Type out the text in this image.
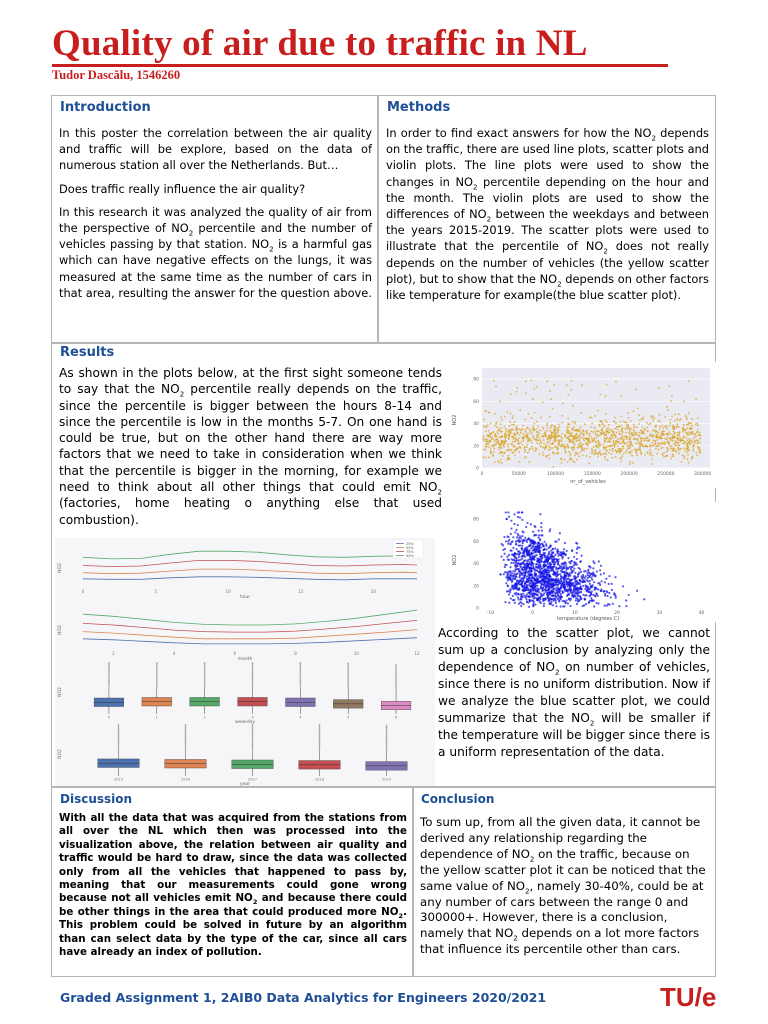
Quality of air due to traffic in NL
Tudor Dascălu, 1546260
Introduction

In this poster the correlation between the air quality and traffic will be explore, based on the data of numerous station all over the Netherlands. But…

Does traffic really influence the air quality?

In this research it was analyzed the quality of air from the perspective of $NO_2$ percentile and the number of vehicles passing by that station. $NO_2$ is a harmful gas which can have negative effects on the lungs, it was measured at the same time as the number of cars in that area, resulting the answer for the question above.

Methods

In order to find exact answers for how the $NO_2$ depends on the traffic, there are used line plots, scatter plots and violin plots. The line plots were used to show the changes in $NO_2$ percentile depending on the hour and the month. The violin plots are used to show the differences of $NO_2$ between the weekdays and between the years 2015-2019. The scatter plots were used to illustrate that the percentile of $NO_2$ does not really depends on the number of vehicles (the yellow scatter plot), but to show that the $NO_2$ depends on other factors like temperature for example(the blue scatter plot).

Results

As shown in the plots below, at the first sight someone tends to say that the $NO_2$ percentile really depends on the traffic, since the percentile is bigger between the hours 8-14 and since the percentile is low in the months 5-7. On one hand is could be true, but on the other hand there are way more factors that we need to take in consideration when we think that the percentile is bigger in the morning, for example we need to think about all other things that could emit $NO_2$ (factories, home heating o anything else that used combustion).

According to the scatter plot, we cannot sum up a conclusion by analyzing only the dependence of $NO_2$ on number of vehicles, since there is no uniform distribution. Now if we analyze the blue scatter plot, we could summarize that the $NO_2$ will be smaller if the temperature will be bigger since there is a uniform representation of the data.

0
20
40
60
80
0	50000	100000	150000	200000	250000	300000
nr_of_vehicles
NO2
0
20
40
60
80
-10	0	10	20	30	40
temperature (degrees C)
NO2
25%
50%
75%
90%
0	5	10	15	20
hour
NO2
2	4	6	8	10	12
month
NO2
0	1	2	3	4	5	6
weekday
NO2
2015	2016	2017	2018	2019
year
NO2
Discussion

With all the data that was acquired from the stations from all over the NL which then was processed into the visualization above, the relation between air quality and traffic would be hard to draw, since the data was collected only from all the vehicles that happened to pass by, meaning that our measurements could gone wrong because not all vehicles emit $NO_2$ and because there could be other things in the area that could produced more $NO_2$. This problem could be solved in future by an algorithm than can select data by the type of the car, since all cars have already an index of pollution.

Conclusion

To sum up, from all the given data, it cannot be derived any relationship regarding the dependence of $NO_2$ on the traffic, because on the yellow scatter plot it can be noticed that the same value of $NO_2$, namely 30-40%, could be at any number of cars between the range 0 and 300000+. However, there is a conclusion, namely that $NO_2$ depends on a lot more factors that influence its percentile other than cars.

Graded Assignment 1, 2AIB0 Data Analytics for Engineers 2020/2021	TU/e
